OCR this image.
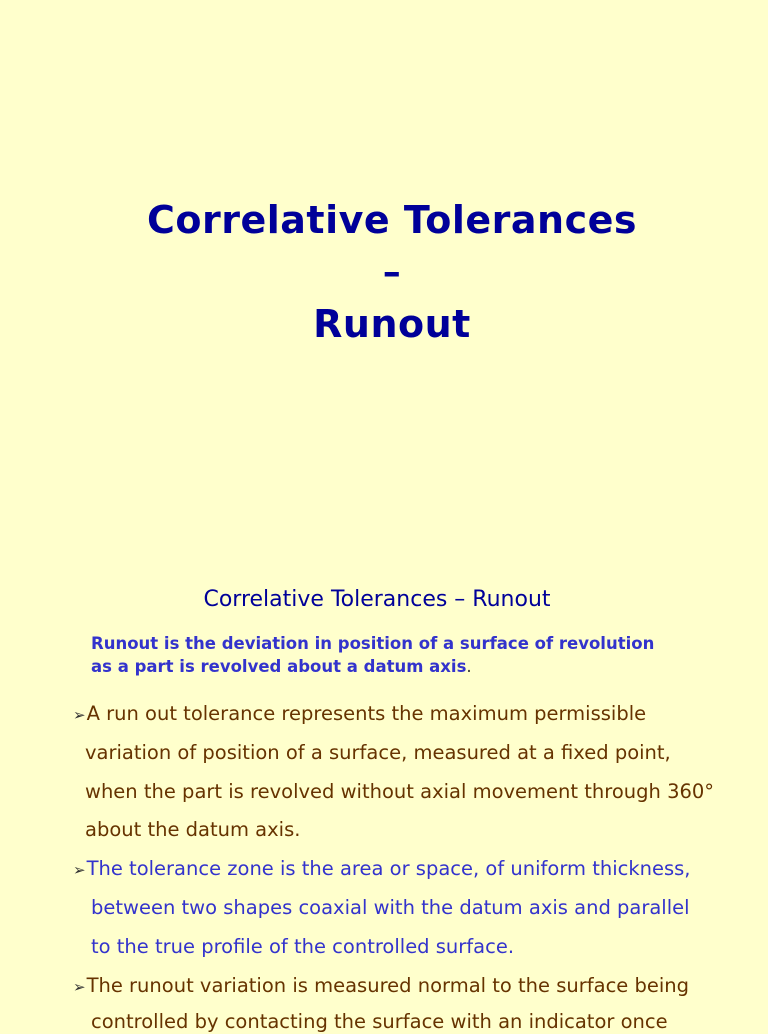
Correlative Tolerances
–
Runout
Correlative Tolerances – Runout
Runout is the deviation in position of a surface of revolution
as a part is revolved about a datum axis.
➢A run out tolerance represents the maximum permissible
variation of position of a surface, measured at a fixed point,
when the part is revolved without axial movement through 360°
about the datum axis.
➢The tolerance zone is the area or space, of uniform thickness,
between two shapes coaxial with the datum axis and parallel
to the true profile of the controlled surface.
➢The runout variation is measured normal to the surface being
controlled by contacting the surface with an indicator once
